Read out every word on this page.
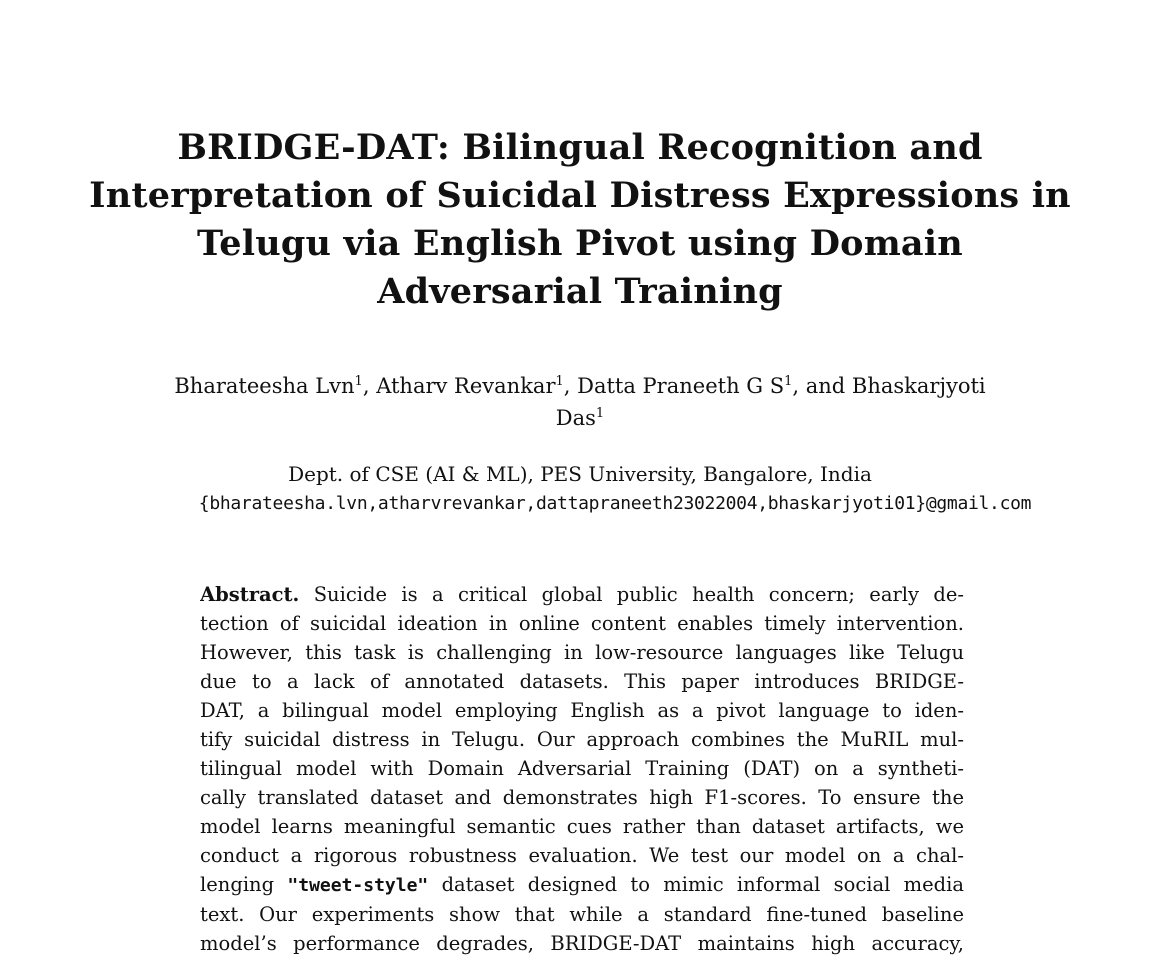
BRIDGE-DAT: Bilingual Recognition and
Interpretation of Suicidal Distress Expressions in
Telugu via English Pivot using Domain
Adversarial Training
Bharateesha Lvn$^1$, Atharv Revankar$^1$, Datta Praneeth G $S^1$, and Bhaskarjyoti
Das$^1$
Dept. of CSE (AI & ML), PES University, Bangalore, India
{bharateesha.lvn,atharvrevankar,dattapraneeth23022004,bhaskarjyoti01}@gmail.com
Abstract. Suicide is a critical global public health concern; early de-
tection of suicidal ideation in online content enables timely intervention.
However, this task is challenging in low-resource languages like Telugu
due to a lack of annotated datasets. This paper introduces BRIDGE-
DAT, a bilingual model employing English as a pivot language to iden-
tify suicidal distress in Telugu. Our approach combines the MuRIL mul-
tilingual model with Domain Adversarial Training (DAT) on a syntheti-
cally translated dataset and demonstrates high F1-scores. To ensure the
model learns meaningful semantic cues rather than dataset artifacts, we
conduct a rigorous robustness evaluation. We test our model on a chal-
lenging "tweet-style" dataset designed to mimic informal social media
text. Our experiments show that while a standard fine-tuned baseline
model’s performance degrades, BRIDGE-DAT maintains high accuracy,
